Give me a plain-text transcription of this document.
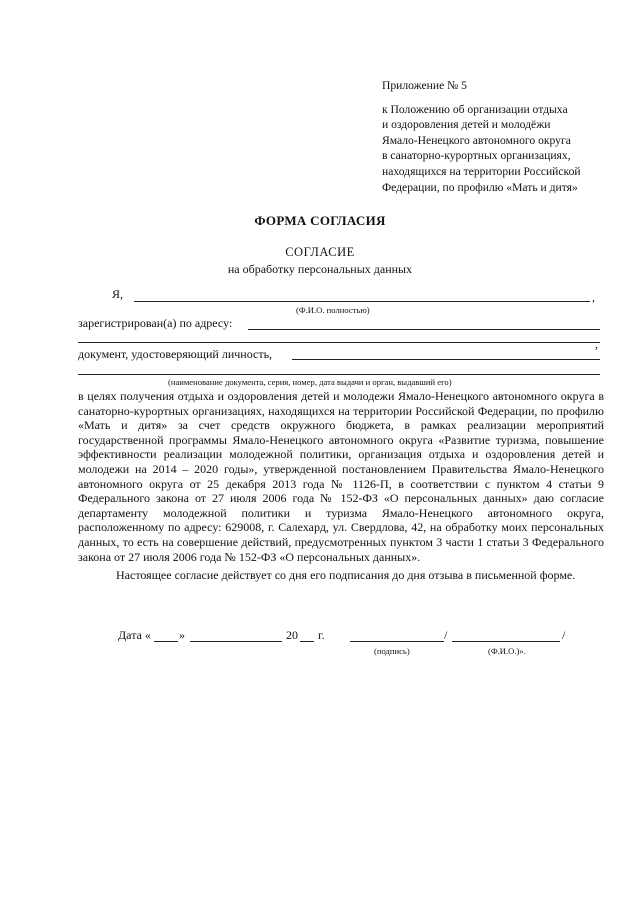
Приложение № 5
к Положению об организации отдыха
и оздоровления детей и молодёжи
Ямало-Ненецкого автономного округа
в санаторно-курортных организациях,
находящихся на территории Российской
Федерации, по профилю «Мать и дитя»
ФОРМА СОГЛАСИЯ
СОГЛАСИЕ
на обработку персональных данных
Я,	,
(Ф.И.О. полностью)
зарегистрирован(а) по адресу:
,
документ, удостоверяющий личность,
(наименование документа, серия, номер, дата выдачи и орган, выдавший его)

в целях получения отдыха и оздоровления детей и молодежи Ямало-Ненецкого автономного округа в санаторно-курортных организациях, находящихся на территории Российской Федерации, по профилю «Мать и дитя» за счет средств окружного бюджета, в рамках реализации мероприятий государственной программы Ямало-Ненецкого автономного округа «Развитие туризма, повышение эффективности реализации молодежной политики, организация отдыха и оздоровления детей и молодежи на 2014 – 2020 годы», утвержденной постановлением Правительства Ямало-Ненецкого автономного округа от 25 декабря 2013 года № 1126-П, в соответствии с пунктом 4 статьи 9 Федерального закона от 27 июля 2006 года № 152-ФЗ «О персональных данных» даю согласие департаменту молодежной политики и туризма Ямало-Ненецкого автономного округа, расположенному по адресу: 629008, г. Салехард, ул. Свердлова, 42, на обработку моих персональных данных, то есть на совершение действий, предусмотренных пунктом 3 части 1 статьи 3 Федерального закона от 27 июля 2006 года № 152-ФЗ «О персональных данных».

Настоящее согласие действует со дня его подписания до дня отзыва в письменной форме.

Дата « »	20 г.	/	/
(подпись)	(Ф.И.О.)».
